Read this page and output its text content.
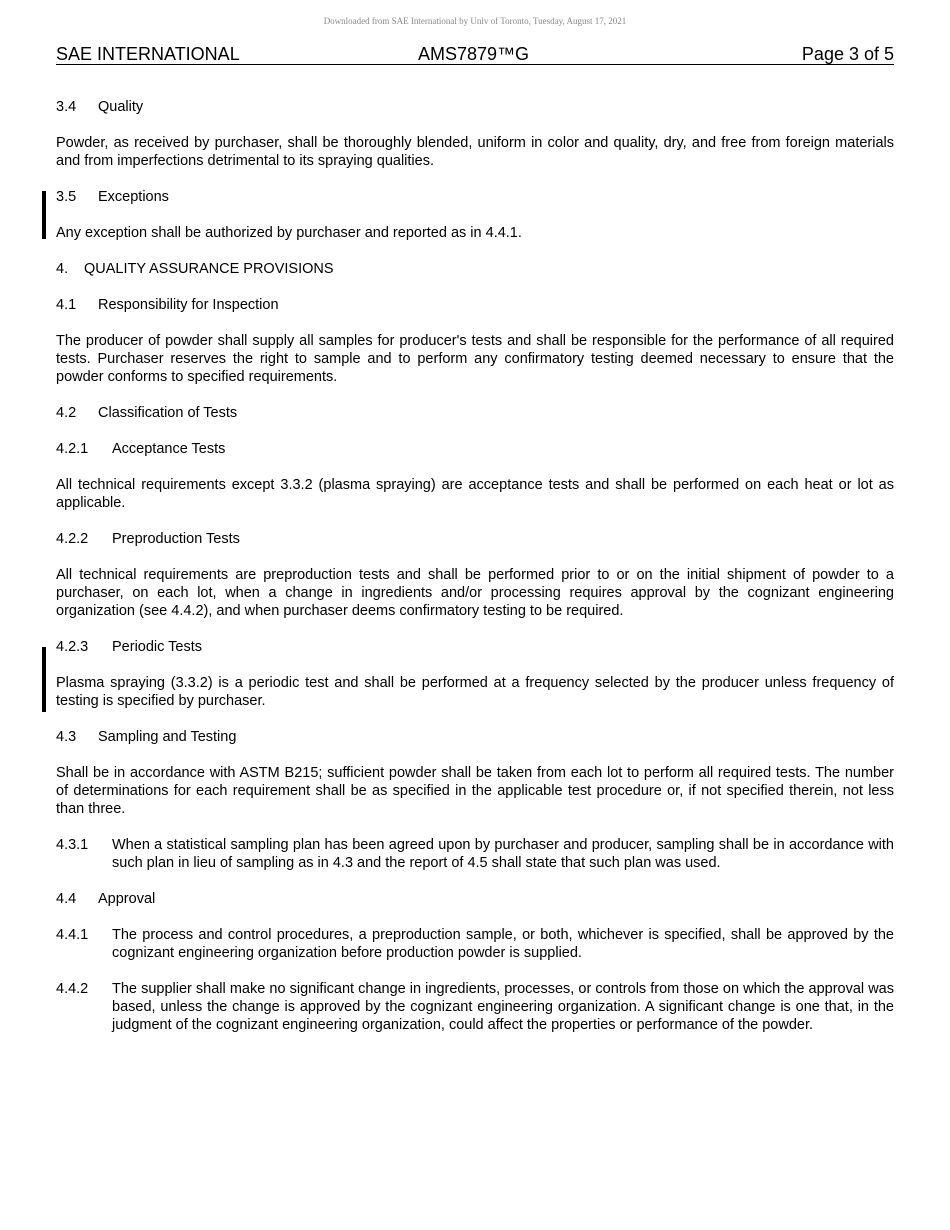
Downloaded from SAE International by Univ of Toronto, Tuesday, August 17, 2021
SAE INTERNATIONAL	AMS7879™G	Page 3 of 5
3.4 Quality

Powder, as received by purchaser, shall be thoroughly blended, uniform in color and quality, dry, and free from foreign materials and from imperfections detrimental to its spraying qualities.

3.5 Exceptions

Any exception shall be authorized by purchaser and reported as in 4.4.1.

4. QUALITY ASSURANCE PROVISIONS
4.1 Responsibility for Inspection

The producer of powder shall supply all samples for producer's tests and shall be responsible for the performance of all required tests. Purchaser reserves the right to sample and to perform any confirmatory testing deemed necessary to ensure that the powder conforms to specified requirements.

4.2 Classification of Tests
4.2.1 Acceptance Tests

All technical requirements except 3.3.2 (plasma spraying) are acceptance tests and shall be performed on each heat or lot as applicable.

4.2.2 Preproduction Tests

All technical requirements are preproduction tests and shall be performed prior to or on the initial shipment of powder to a purchaser, on each lot, when a change in ingredients and/or processing requires approval by the cognizant engineering organization (see 4.4.2), and when purchaser deems confirmatory testing to be required.

4.2.3 Periodic Tests

Plasma spraying (3.3.2) is a periodic test and shall be performed at a frequency selected by the producer unless frequency of testing is specified by purchaser.

4.3 Sampling and Testing

Shall be in accordance with ASTM B215; sufficient powder shall be taken from each lot to perform all required tests. The number of determinations for each requirement shall be as specified in the applicable test procedure or, if not specified therein, not less than three.

4.3.1 When a statistical sampling plan has been agreed upon by purchaser and producer, sampling shall be in accordance with such plan in lieu of sampling as in 4.3 and the report of 4.5 shall state that such plan was used.
4.4 Approval
4.4.1 The process and control procedures, a preproduction sample, or both, whichever is specified, shall be approved by the cognizant engineering organization before production powder is supplied.
4.4.2 The supplier shall make no significant change in ingredients, processes, or controls from those on which the approval was based, unless the change is approved by the cognizant engineering organization. A significant change is one that, in the judgment of the cognizant engineering organization, could affect the properties or performance of the powder.
